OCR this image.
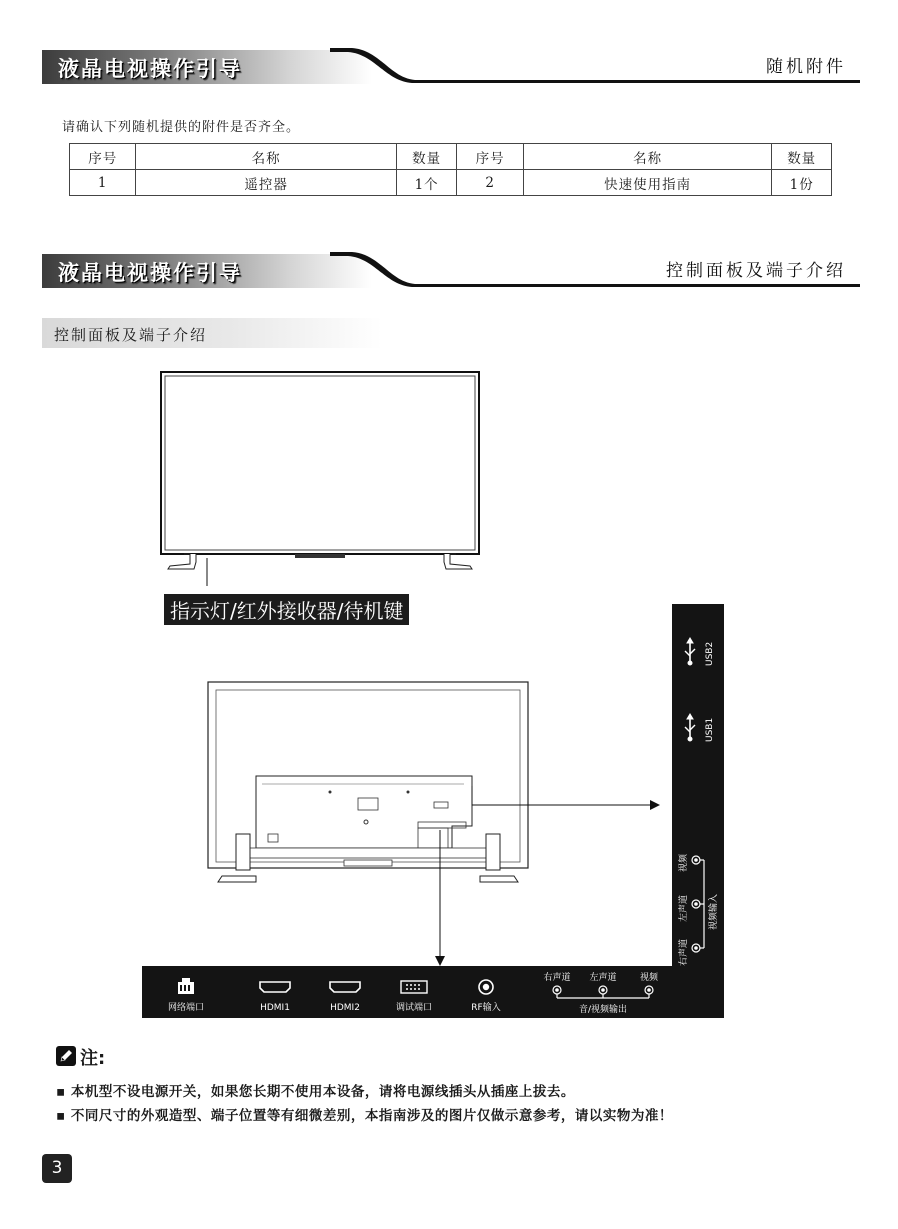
液晶电视操作引导	随机附件
请确认下列随机提供的附件是否齐全。
序号	名称	数量	序号	名称	数量
1	遥控器	1个	2	快速使用指南	1份
液晶电视操作引导	控制面板及端子介绍
控制面板及端子介绍
指示灯/红外接收器/待机键
USB2
USB1
视频
左声道
右声道
视频输入
网络端口	HDMI1	HDMI2	调试端口	RF输入
右声道 左声道	视频
音/视频输出
注:
▪ 本机型不设电源开关，如果您长期不使用本设备，请将电源线插头从插座上拔去。
▪ 不同尺寸的外观造型、端子位置等有细微差别，本指南涉及的图片仅做示意参考，请以实物为准！
3
